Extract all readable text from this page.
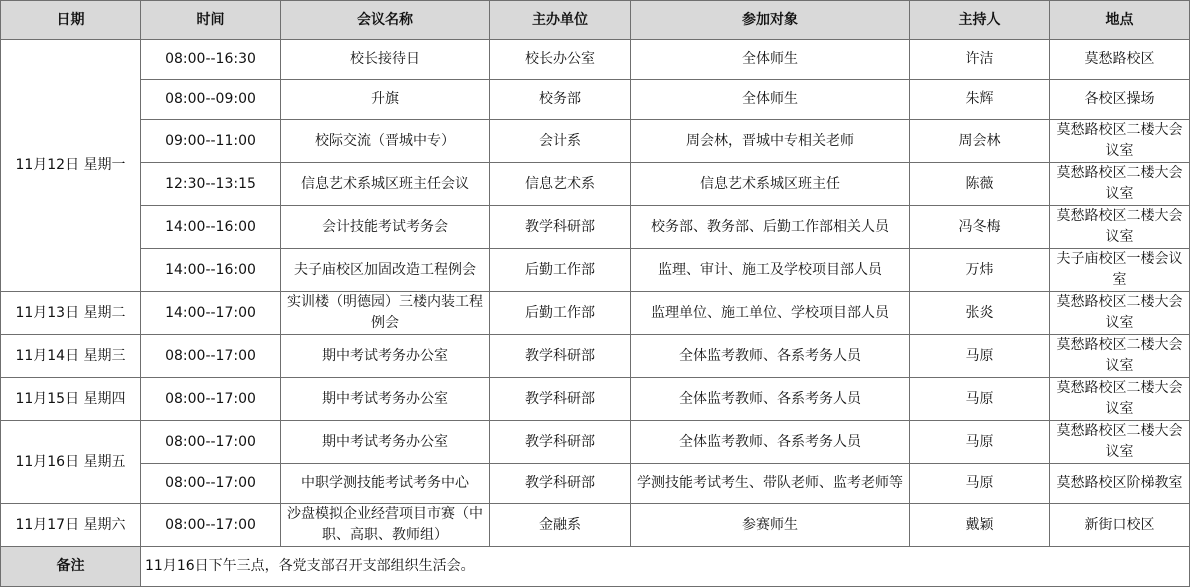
日期	时间	会议名称	主办单位	参加对象	主持人	地点
11月12日 星期一	08:00--16:30	校长接待日	校长办公室	全体师生	许洁	莫愁路校区
	08:00--09:00	升旗	校务部	全体师生	朱辉	各校区操场
	09:00--11:00	校际交流（晋城中专）	会计系	周会林，晋城中专相关老师	周会林	莫愁路校区二楼大会议室
	12:30--13:15	信息艺术系城区班主任会议	信息艺术系	信息艺术系城区班主任	陈薇	莫愁路校区二楼大会议室
	14:00--16:00	会计技能考试考务会	教学科研部	校务部、教务部、后勤工作部相关人员	冯冬梅	莫愁路校区二楼大会议室
	14:00--16:00	夫子庙校区加固改造工程例会	后勤工作部	监理、审计、施工及学校项目部人员	万炜	夫子庙校区一楼会议室
11月13日 星期二	14:00--17:00	实训楼（明德园）三楼内装工程例会	后勤工作部	监理单位、施工单位、学校项目部人员	张炎	莫愁路校区二楼大会议室
11月14日 星期三	08:00--17:00	期中考试考务办公室	教学科研部	全体监考教师、各系考务人员	马原	莫愁路校区二楼大会议室
11月15日 星期四	08:00--17:00	期中考试考务办公室	教学科研部	全体监考教师、各系考务人员	马原	莫愁路校区二楼大会议室
11月16日 星期五	08:00--17:00	期中考试考务办公室	教学科研部	全体监考教师、各系考务人员	马原	莫愁路校区二楼大会议室
	08:00--17:00	中职学测技能考试考务中心	教学科研部	学测技能考试考生、带队老师、监考老师等	马原	莫愁路校区阶梯教室
11月17日 星期六	08:00--17:00	沙盘模拟企业经营项目市赛（中职、高职、教师组）	金融系	参赛师生	戴颖	新街口校区
备注	11月16日下午三点，各党支部召开支部组织生活会。					
